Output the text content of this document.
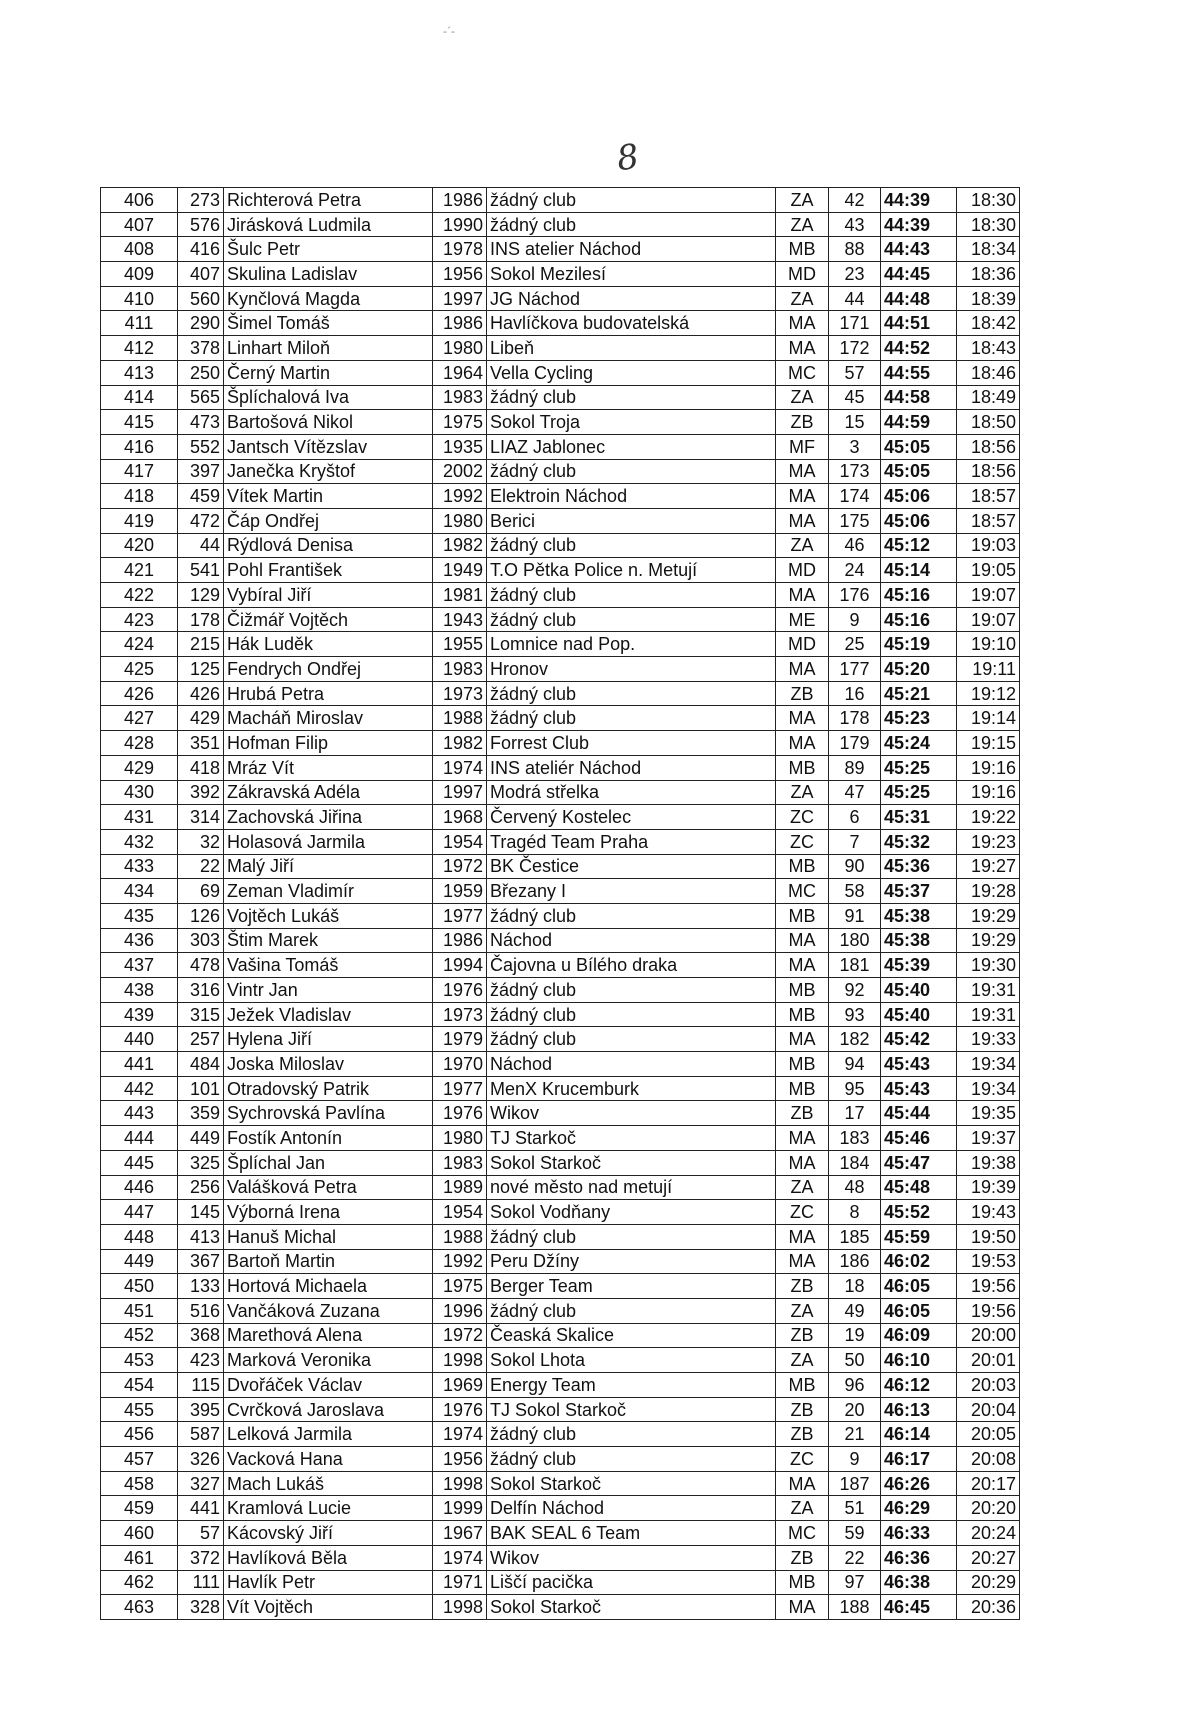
-´-
8
406	273	Richterová Petra	1986	žádný club	ZA	42	44:39	18:30
407	576	Jirásková Ludmila	1990	žádný club	ZA	43	44:39	18:30
408	416	Šulc Petr	1978	INS atelier Náchod	MB	88	44:43	18:34
409	407	Skulina Ladislav	1956	Sokol Mezilesí	MD	23	44:45	18:36
410	560	Kynčlová Magda	1997	JG Náchod	ZA	44	44:48	18:39
411	290	Šimel Tomáš	1986	Havlíčkova budovatelská	MA	171	44:51	18:42
412	378	Linhart Miloň	1980	Libeň	MA	172	44:52	18:43
413	250	Černý Martin	1964	Vella Cycling	MC	57	44:55	18:46
414	565	Šplíchalová Iva	1983	žádný club	ZA	45	44:58	18:49
415	473	Bartošová Nikol	1975	Sokol Troja	ZB	15	44:59	18:50
416	552	Jantsch Vítězslav	1935	LIAZ Jablonec	MF	3	45:05	18:56
417	397	Janečka Kryštof	2002	žádný club	MA	173	45:05	18:56
418	459	Vítek Martin	1992	Elektroin Náchod	MA	174	45:06	18:57
419	472	Čáp Ondřej	1980	Berici	MA	175	45:06	18:57
420	44	Rýdlová Denisa	1982	žádný club	ZA	46	45:12	19:03
421	541	Pohl František	1949	T.O Pětka Police n. Metují	MD	24	45:14	19:05
422	129	Vybíral Jiří	1981	žádný club	MA	176	45:16	19:07
423	178	Čižmář Vojtěch	1943	žádný club	ME	9	45:16	19:07
424	215	Hák Luděk	1955	Lomnice nad Pop.	MD	25	45:19	19:10
425	125	Fendrych Ondřej	1983	Hronov	MA	177	45:20	19:11
426	426	Hrubá Petra	1973	žádný club	ZB	16	45:21	19:12
427	429	Macháň Miroslav	1988	žádný club	MA	178	45:23	19:14
428	351	Hofman Filip	1982	Forrest Club	MA	179	45:24	19:15
429	418	Mráz Vít	1974	INS ateliér Náchod	MB	89	45:25	19:16
430	392	Zákravská Adéla	1997	Modrá střelka	ZA	47	45:25	19:16
431	314	Zachovská Jiřina	1968	Červený Kostelec	ZC	6	45:31	19:22
432	32	Holasová Jarmila	1954	Tragéd Team Praha	ZC	7	45:32	19:23
433	22	Malý Jiří	1972	BK Čestice	MB	90	45:36	19:27
434	69	Zeman Vladimír	1959	Březany I	MC	58	45:37	19:28
435	126	Vojtěch Lukáš	1977	žádný club	MB	91	45:38	19:29
436	303	Štim Marek	1986	Náchod	MA	180	45:38	19:29
437	478	Vašina Tomáš	1994	Čajovna u Bílého draka	MA	181	45:39	19:30
438	316	Vintr Jan	1976	žádný club	MB	92	45:40	19:31
439	315	Ježek Vladislav	1973	žádný club	MB	93	45:40	19:31
440	257	Hylena Jiří	1979	žádný club	MA	182	45:42	19:33
441	484	Joska Miloslav	1970	Náchod	MB	94	45:43	19:34
442	101	Otradovský Patrik	1977	MenX Krucemburk	MB	95	45:43	19:34
443	359	Sychrovská Pavlína	1976	Wikov	ZB	17	45:44	19:35
444	449	Fostík Antonín	1980	TJ Starkoč	MA	183	45:46	19:37
445	325	Šplíchal Jan	1983	Sokol Starkoč	MA	184	45:47	19:38
446	256	Valášková Petra	1989	nové město nad metují	ZA	48	45:48	19:39
447	145	Výborná Irena	1954	Sokol Vodňany	ZC	8	45:52	19:43
448	413	Hanuš Michal	1988	žádný club	MA	185	45:59	19:50
449	367	Bartoň Martin	1992	Peru Džíny	MA	186	46:02	19:53
450	133	Hortová Michaela	1975	Berger Team	ZB	18	46:05	19:56
451	516	Vančáková Zuzana	1996	žádný club	ZA	49	46:05	19:56
452	368	Marethová Alena	1972	Čeaská Skalice	ZB	19	46:09	20:00
453	423	Marková Veronika	1998	Sokol Lhota	ZA	50	46:10	20:01
454	115	Dvořáček Václav	1969	Energy Team	MB	96	46:12	20:03
455	395	Cvrčková Jaroslava	1976	TJ Sokol Starkoč	ZB	20	46:13	20:04
456	587	Lelková Jarmila	1974	žádný club	ZB	21	46:14	20:05
457	326	Vacková Hana	1956	žádný club	ZC	9	46:17	20:08
458	327	Mach Lukáš	1998	Sokol Starkoč	MA	187	46:26	20:17
459	441	Kramlová Lucie	1999	Delfín Náchod	ZA	51	46:29	20:20
460	57	Kácovský Jiří	1967	BAK SEAL 6 Team	MC	59	46:33	20:24
461	372	Havlíková Běla	1974	Wikov	ZB	22	46:36	20:27
462	111	Havlík Petr	1971	Liščí pacička	MB	97	46:38	20:29
463	328	Vít Vojtěch	1998	Sokol Starkoč	MA	188	46:45	20:36
